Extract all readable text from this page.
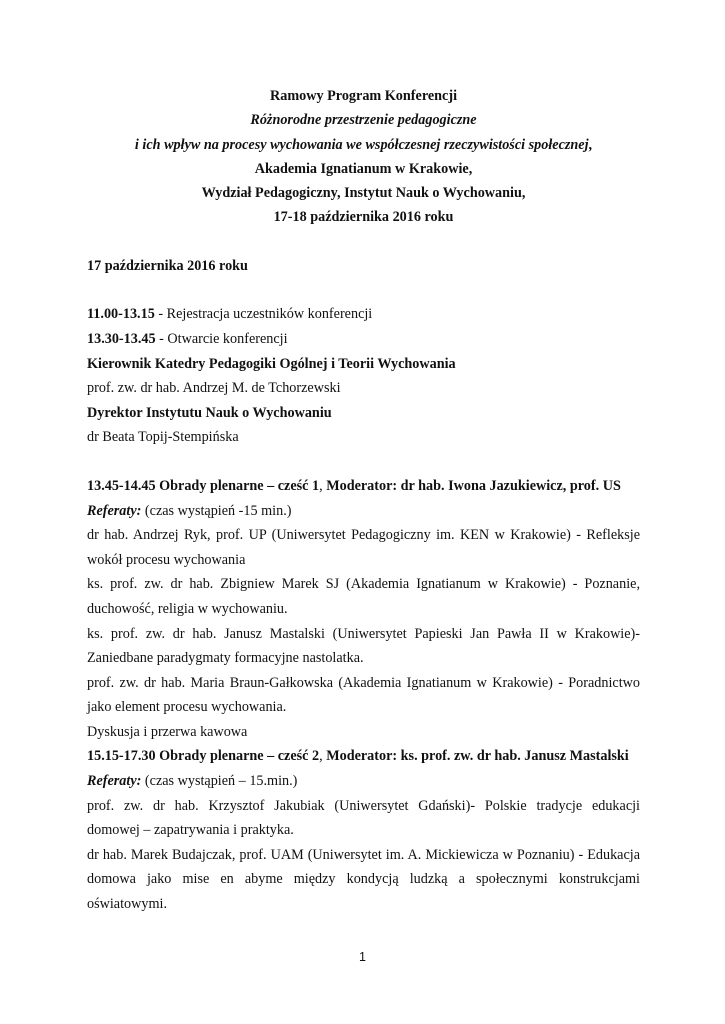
Ramowy Program Konferencji
Różnorodne przestrzenie pedagogiczne
i ich wpływ na procesy wychowania we współczesnej rzeczywistości społecznej,
Akademia Ignatianum w Krakowie,
Wydział Pedagogiczny, Instytut Nauk o Wychowaniu,
17-18 października 2016 roku
17 października 2016 roku
11.00-13.15 - Rejestracja uczestników konferencji
13.30-13.45 - Otwarcie konferencji
Kierownik Katedry Pedagogiki Ogólnej i Teorii Wychowania
prof. zw. dr hab. Andrzej M. de Tchorzewski
Dyrektor Instytutu Nauk o Wychowaniu
dr Beata Topij-Stempińska
13.45-14.45 Obrady plenarne – cześć 1, Moderator: dr hab. Iwona Jazukiewicz, prof. US
Referaty: (czas wystąpień -15 min.)
dr hab. Andrzej Ryk, prof. UP (Uniwersytet Pedagogiczny im. KEN w Krakowie) - Refleksje
wokół procesu wychowania
ks. prof. zw. dr hab. Zbigniew Marek SJ (Akademia Ignatianum w Krakowie) - Poznanie,
duchowość, religia w wychowaniu.
ks. prof. zw. dr hab. Janusz Mastalski (Uniwersytet Papieski Jan Pawła II w Krakowie)-
Zaniedbane paradygmaty formacyjne nastolatka.
prof. zw. dr hab. Maria Braun-Gałkowska (Akademia Ignatianum w Krakowie) - Poradnictwo
jako element procesu wychowania.
Dyskusja i przerwa kawowa
15.15-17.30 Obrady plenarne – cześć 2, Moderator: ks. prof. zw. dr hab. Janusz Mastalski
Referaty: (czas wystąpień – 15.min.)
prof. zw. dr hab. Krzysztof Jakubiak (Uniwersytet Gdański)- Polskie tradycje edukacji
domowej – zapatrywania i praktyka.
dr hab. Marek Budajczak, prof. UAM (Uniwersytet im. A. Mickiewicza w Poznaniu) - Edukacja
domowa jako mise en abyme między kondycją ludzką a społecznymi konstrukcjami
oświatowymi.
1
